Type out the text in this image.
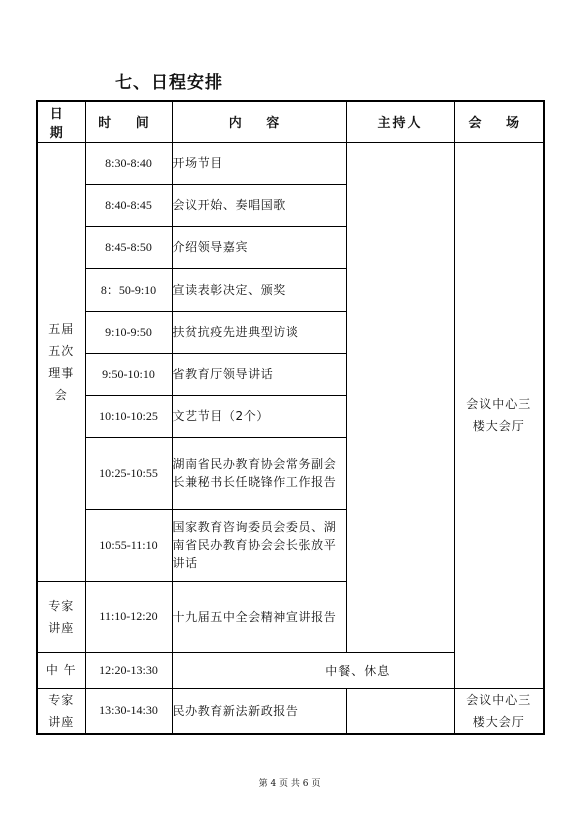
七、日程安排
日 期	时 间	内 容	主持人	会 场
五届五次理事会	8:30-8:40	开场节目		会议中心三楼大会厅
	8:40-8:45	会议开始、奏唱国歌		
	8:45-8:50	介绍领导嘉宾		
	8：50-9:10	宣读表彰决定、颁奖		
	9:10-9:50	扶贫抗疫先进典型访谈		
	9:50-10:10	省教育厅领导讲话		
	10:10-10:25	文艺节目（2个）		
	10:25-10:55	湖南省民办教育协会常务副会长兼秘书长任晓锋作工作报告		
	10:55-11:10	国家教育咨询委员会委员、湖南省民办教育协会会长张放平讲话		
专家讲座	11:10-12:20	十九届五中全会精神宣讲报告		
中 午	12:20-13:30	中餐、休息		
专家讲座	13:30-14:30	民办教育新法新政报告		会议中心三楼大会厅
第 4 页 共 6 页
